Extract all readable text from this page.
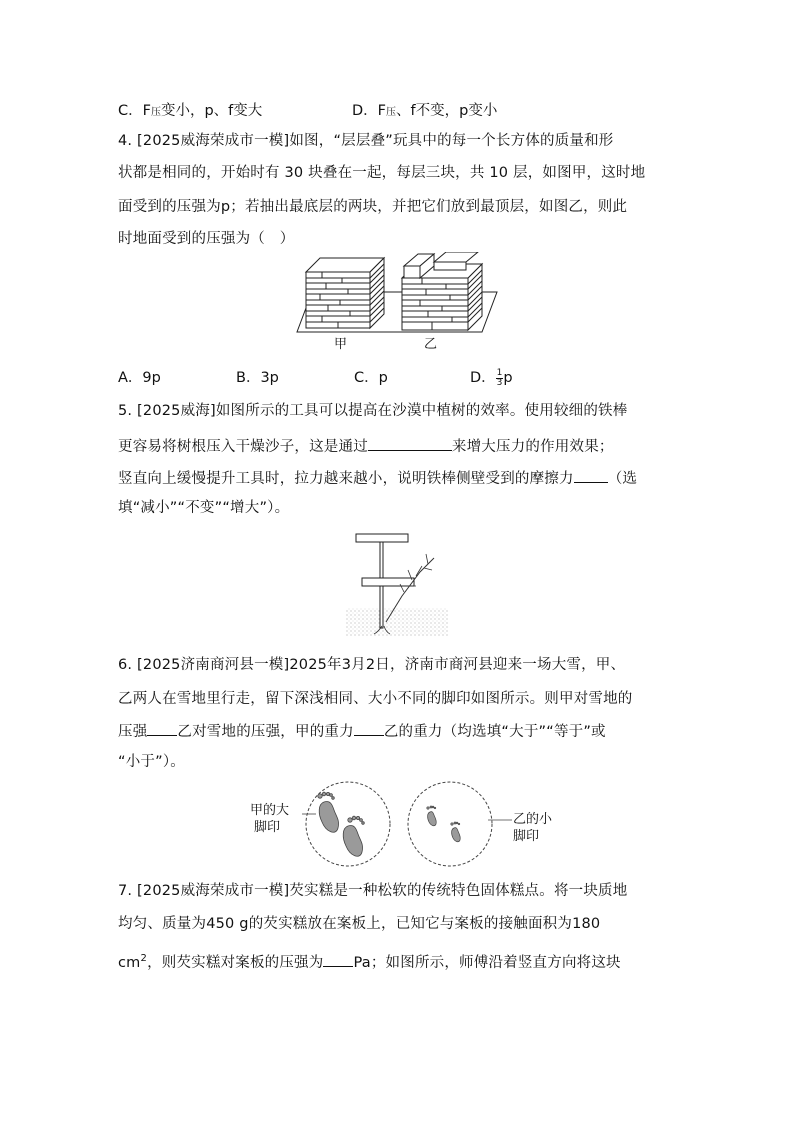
C．F压变小，p、f变大	D．F压、f不变，p变小
4. [2025威海荣成市一模]如图，“层层叠”玩具中的每一个长方体的质量和形
状都是相同的，开始时有 30 块叠在一起，每层三块，共 10 层，如图甲，这时地
面受到的压强为p；若抽出最底层的两块，并把它们放到最顶层，如图乙，则此
时地面受到的压强为（　）
甲	乙
A．9p	B．3p	C．p	D． $\frac{1}{3}$ p
5. [2025威海]如图所示的工具可以提高在沙漠中植树的效率。使用较细的铁棒
更容易将树根压入干燥沙子，这是通过	来增大压力的作用效果；
竖直向上缓慢提升工具时，拉力越来越小，说明铁棒侧壁受到的摩擦力 （选
填“减小”“不变”“增大”）。
6. [2025济南商河县一模]2025年3月2日，济南市商河县迎来一场大雪，甲、
乙两人在雪地里行走，留下深浅相同、大小不同的脚印如图所示。则甲对雪地的
压强 乙对雪地的压强，甲的重力 乙的重力（均选填“大于”“等于”或
“小于”）。
甲的大
脚印
乙的小
脚印
7. [2025威海荣成市一模]芡实糕是一种松软的传统特色固体糕点。将一块质地
均匀、质量为450 g的芡实糕放在案板上，已知它与案板的接触面积为180
$cm^2$，则芡实糕对案板的压强为 Pa；如图所示，师傅沿着竖直方向将这块
